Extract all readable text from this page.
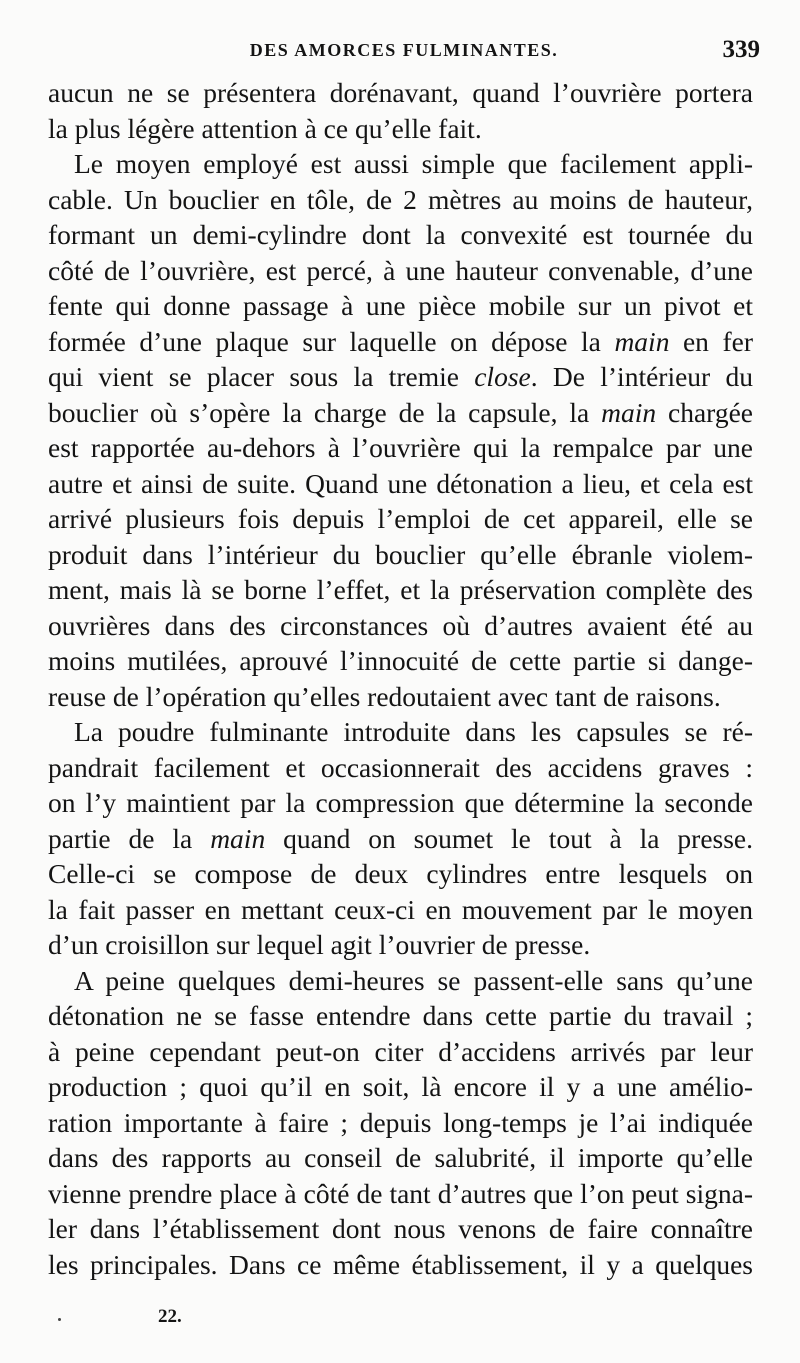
DES AMORCES FULMINANTES.	339
aucun ne se présentera dorénavant, quand l’ouvrière portera
la plus légère attention à ce qu’elle fait.
Le moyen employé est aussi simple que facilement appli-
cable. Un bouclier en tôle, de 2 mètres au moins de hauteur,
formant un demi-cylindre dont la convexité est tournée du
côté de l’ouvrière, est percé, à une hauteur convenable, d’une
fente qui donne passage à une pièce mobile sur un pivot et
formée d’une plaque sur laquelle on dépose la main en fer
qui vient se placer sous la tremie close. De l’intérieur du
bouclier où s’opère la charge de la capsule, la main chargée
est rapportée au-dehors à l’ouvrière qui la rempalce par une
autre et ainsi de suite. Quand une détonation a lieu, et cela est
arrivé plusieurs fois depuis l’emploi de cet appareil, elle se
produit dans l’intérieur du bouclier qu’elle ébranle violem-
ment, mais là se borne l’effet, et la préservation complète des
ouvrières dans des circonstances où d’autres avaient été au
moins mutilées, aprouvé l’innocuité de cette partie si dange-
reuse de l’opération qu’elles redoutaient avec tant de raisons.
La poudre fulminante introduite dans les capsules se ré-
pandrait facilement et occasionnerait des accidens graves :
on l’y maintient par la compression que détermine la seconde
partie de la main quand on soumet le tout à la presse.
Celle-ci se compose de deux cylindres entre lesquels on
la fait passer en mettant ceux-ci en mouvement par le moyen
d’un croisillon sur lequel agit l’ouvrier de presse.
A peine quelques demi-heures se passent-elle sans qu’une
détonation ne se fasse entendre dans cette partie du travail ;
à peine cependant peut-on citer d’accidens arrivés par leur
production ; quoi qu’il en soit, là encore il y a une amélio-
ration importante à faire ; depuis long-temps je l’ai indiquée
dans des rapports au conseil de salubrité, il importe qu’elle
vienne prendre place à côté de tant d’autres que l’on peut signa-
ler dans l’établissement dont nous venons de faire connaître
les principales. Dans ce même établissement, il y a quelques
22.
